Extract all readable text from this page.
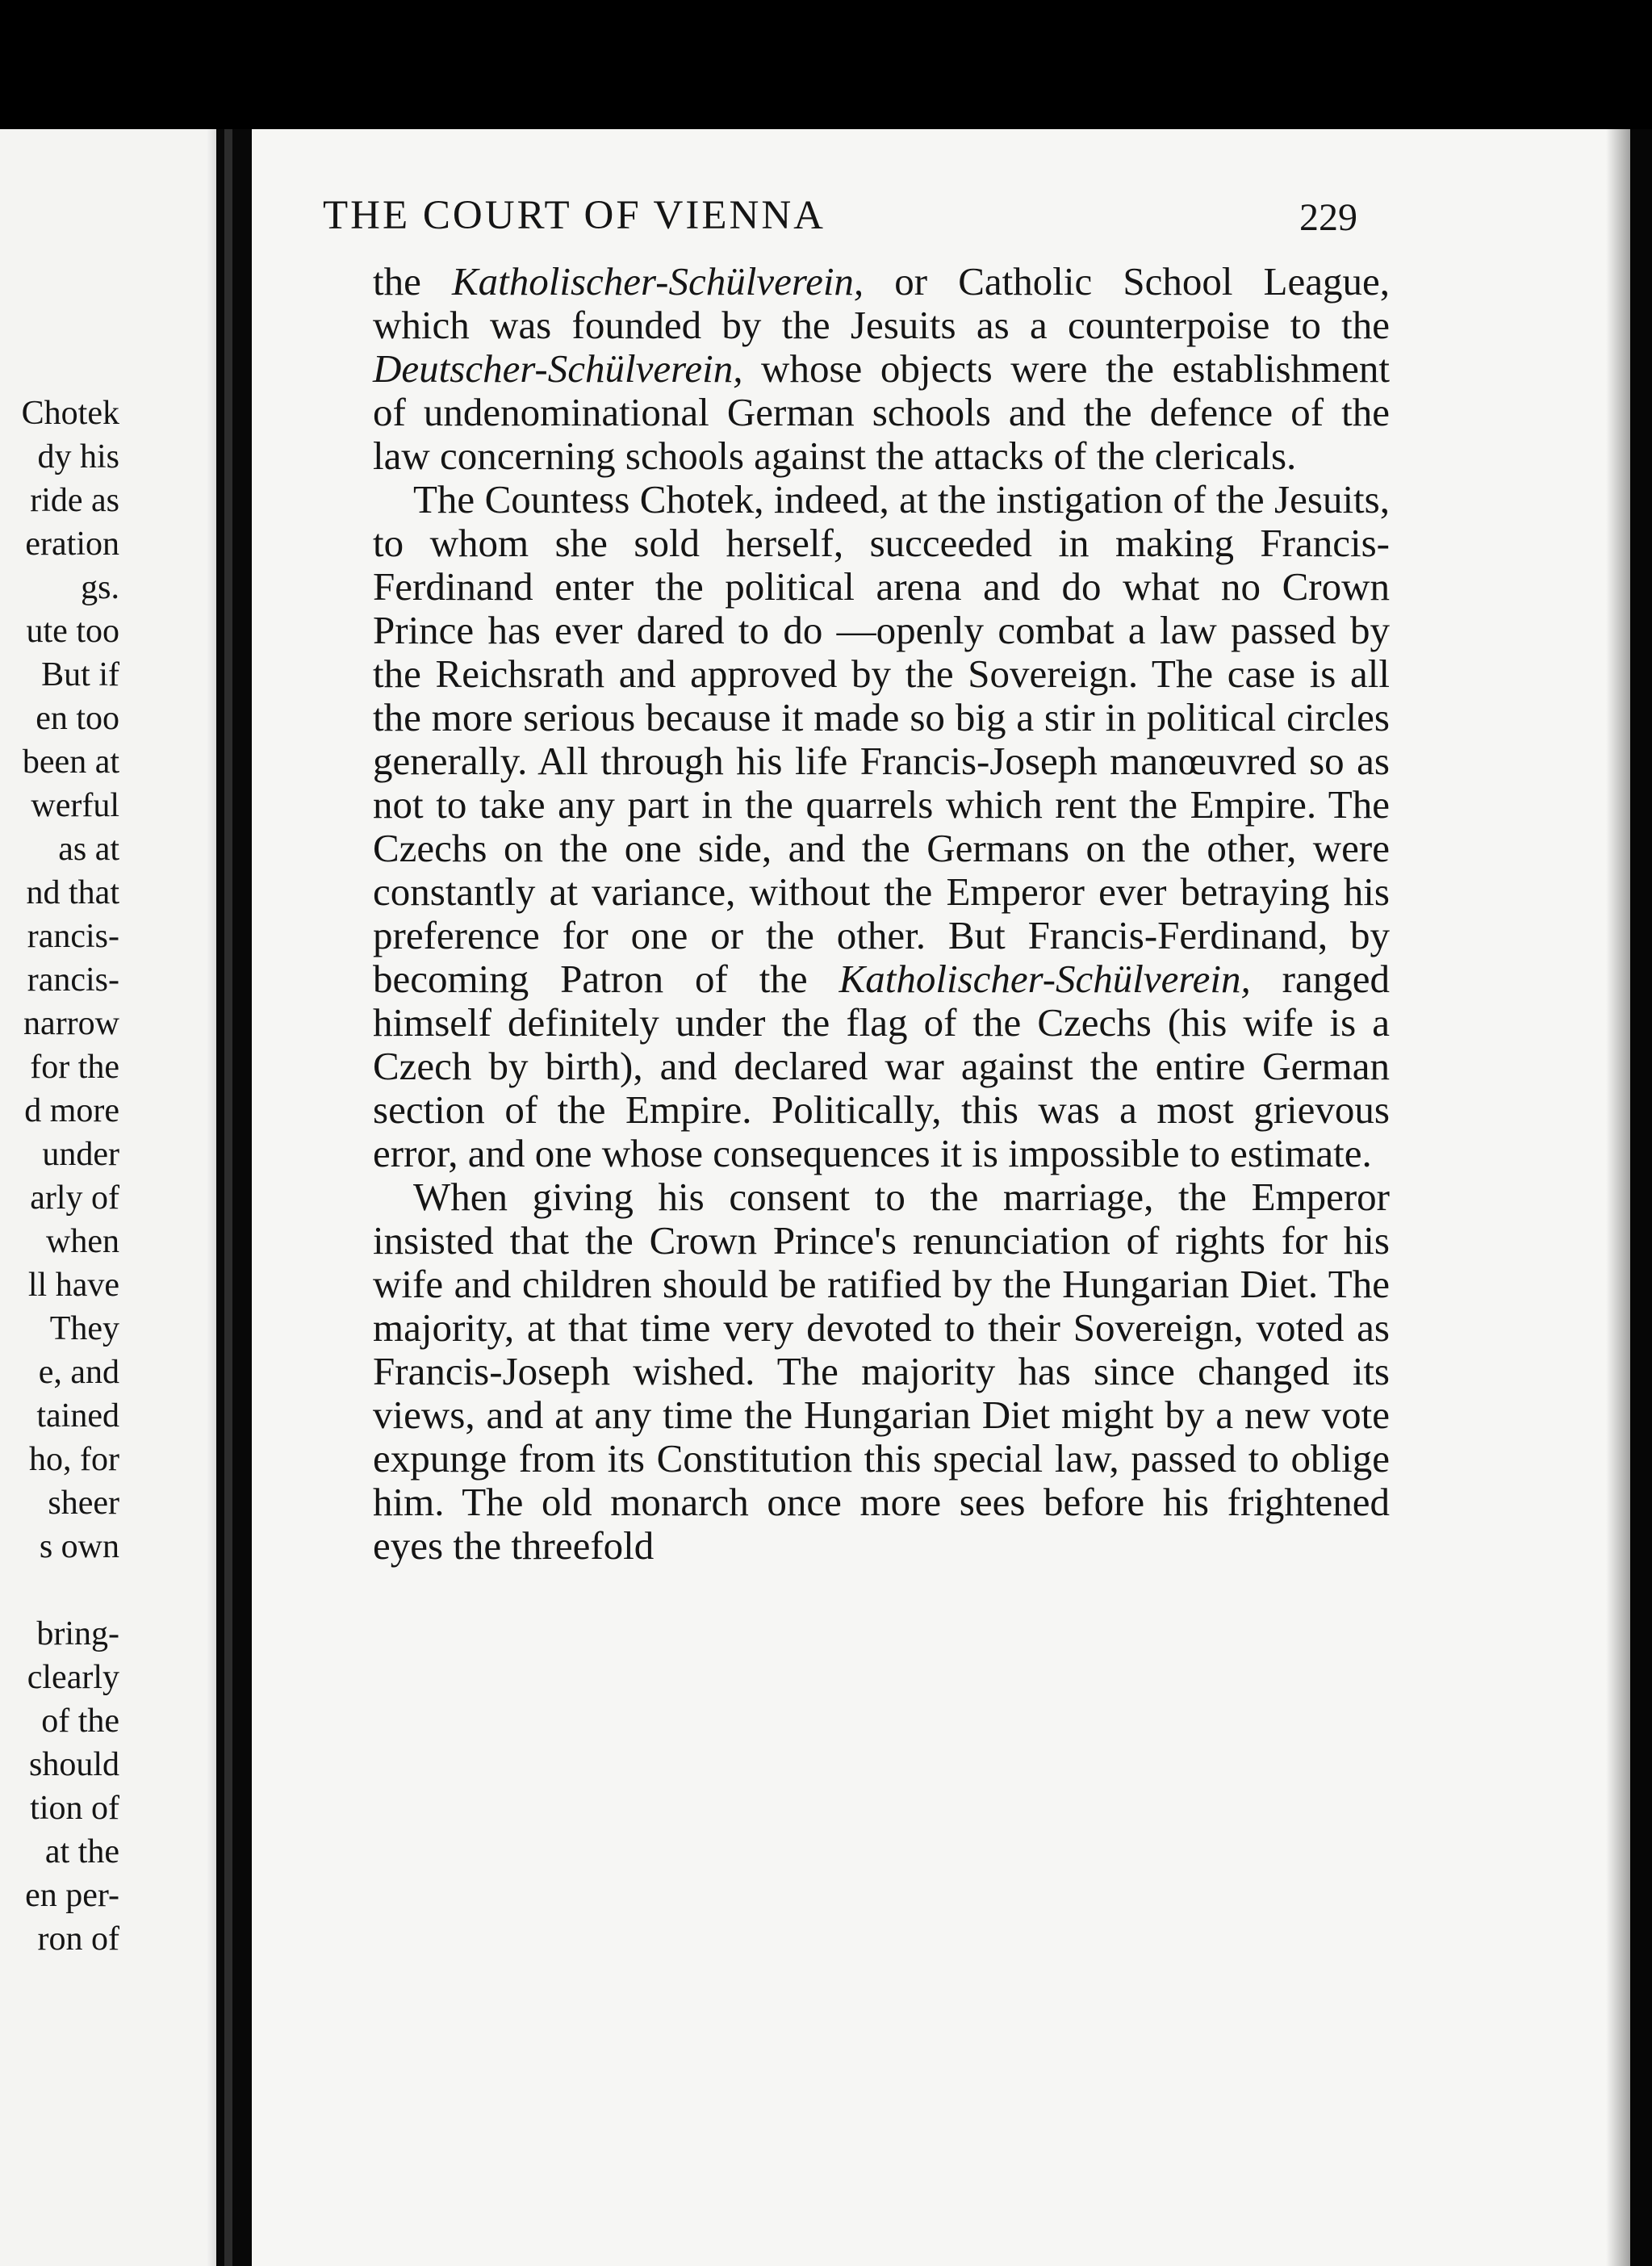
Chotek
dy his
ride as
eration
gs.
ute too
But if
en too
been at
werful
as at
nd that
rancis-
rancis-
narrow
for the
d more
under
arly of
when
ll have
They
e, and
tained
ho, for
sheer
s own

bring-
clearly
of the
should
tion of
at the
en per-
ron of
THE COURT OF VIENNA	229

the Katholischer-Schülverein, or Catholic School League, which was founded by the Jesuits as a counterpoise to the Deutscher-Schülverein, whose objects were the establishment of undenominational German schools and the defence of the law concerning schools against the attacks of the clericals.

The Countess Chotek, indeed, at the instigation of the Jesuits, to whom she sold herself, succeeded in making Francis-Ferdinand enter the political arena and do what no Crown Prince has ever dared to do —openly combat a law passed by the Reichsrath and approved by the Sovereign. The case is all the more serious because it made so big a stir in political circles generally. All through his life Francis-Joseph manœuvred so as not to take any part in the quarrels which rent the Empire. The Czechs on the one side, and the Germans on the other, were constantly at variance, without the Emperor ever betraying his preference for one or the other. But Francis-Ferdinand, by becoming Patron of the Katholischer-Schülverein, ranged himself definitely under the flag of the Czechs (his wife is a Czech by birth), and declared war against the entire German section of the Empire. Politically, this was a most grievous error, and one whose consequences it is impossible to estimate.

When giving his consent to the marriage, the Emperor insisted that the Crown Prince's renunciation of rights for his wife and children should be ratified by the Hungarian Diet. The majority, at that time very devoted to their Sovereign, voted as Francis-Joseph wished. The majority has since changed its views, and at any time the Hungarian Diet might by a new vote expunge from its Constitution this special law, passed to oblige him. The old monarch once more sees before his frightened eyes the threefold
